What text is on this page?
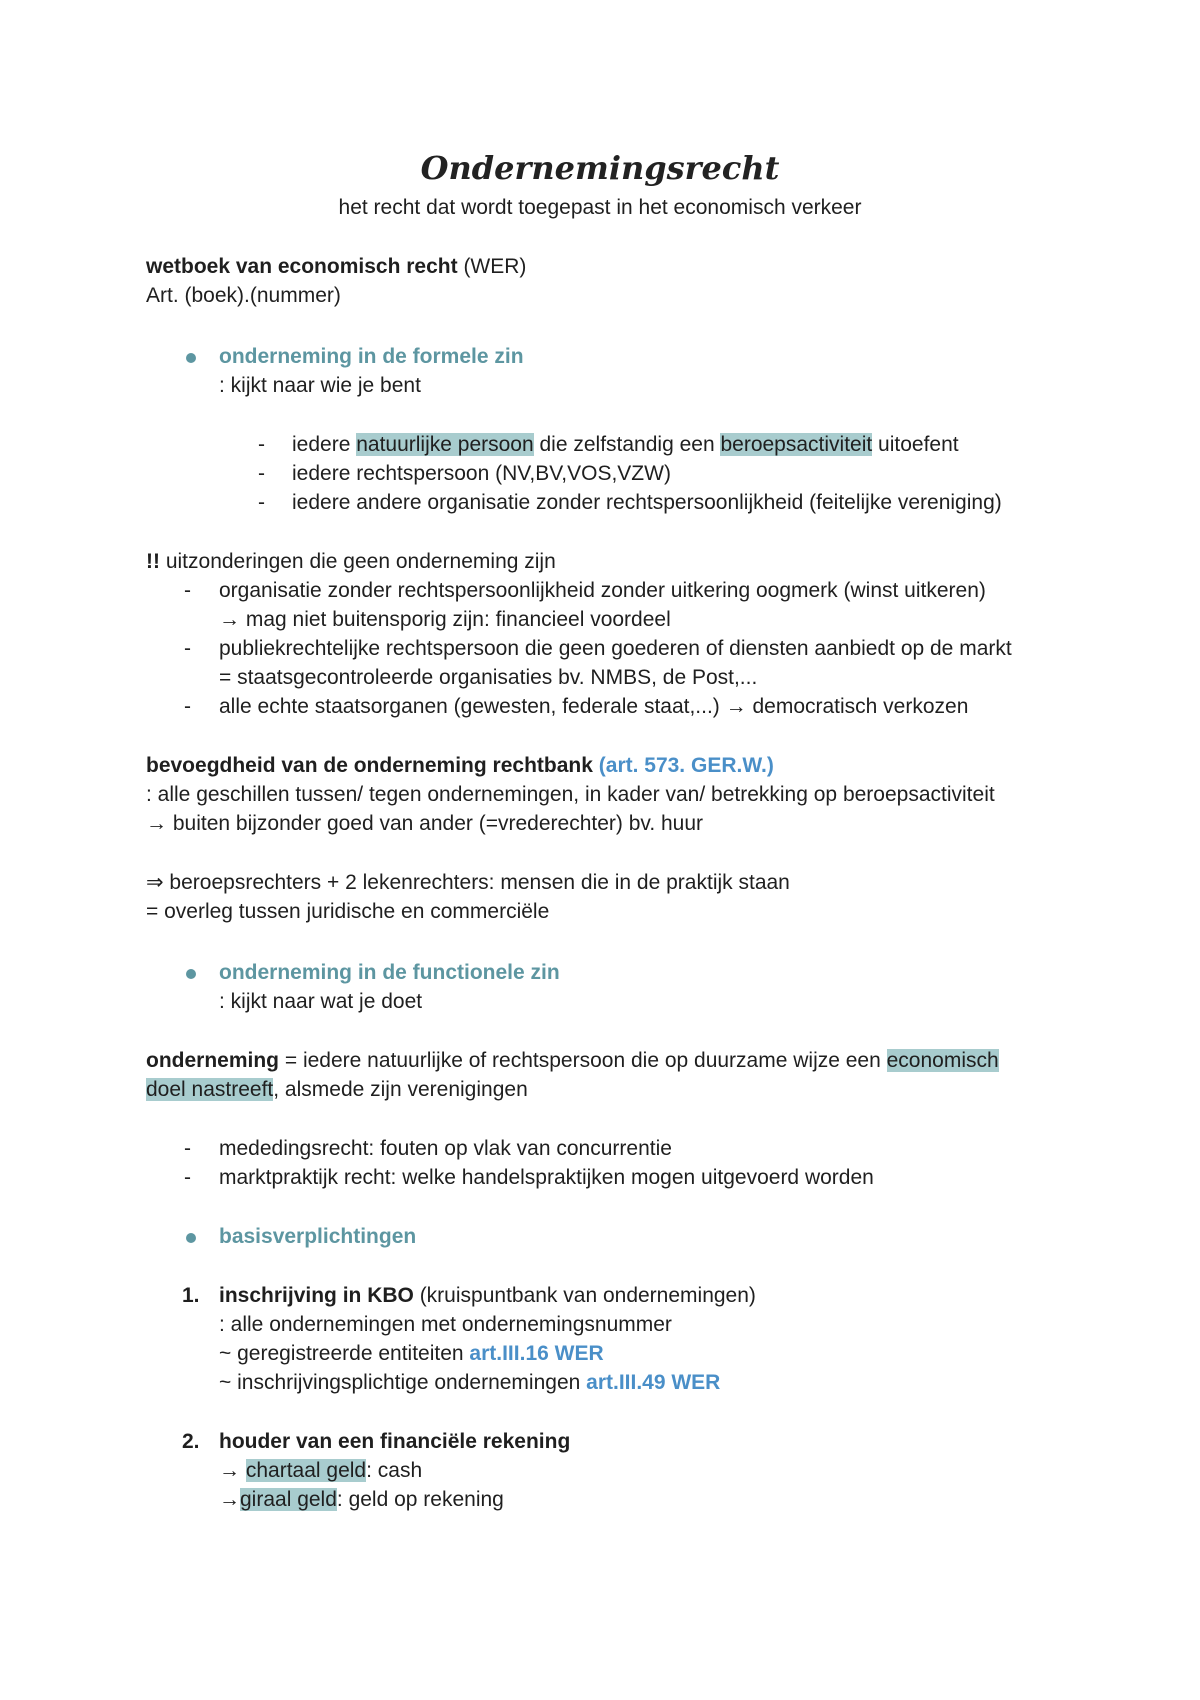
Ondernemingsrecht
het recht dat wordt toegepast in het economisch verkeer
wetboek van economisch recht (WER)
Art. (boek).(nummer)
onderneming in de formele zin
: kijkt naar wie je bent
- iedere natuurlijke persoon die zelfstandig een beroepsactiviteit uitoefent
- iedere rechtspersoon (NV,BV,VOS,VZW)
- iedere andere organisatie zonder rechtspersoonlijkheid (feitelijke vereniging)
!! uitzonderingen die geen onderneming zijn
- organisatie zonder rechtspersoonlijkheid zonder uitkering oogmerk (winst uitkeren)
→ mag niet buitensporig zijn: financieel voordeel
- publiekrechtelijke rechtspersoon die geen goederen of diensten aanbiedt op de markt
= staatsgecontroleerde organisaties bv. NMBS, de Post,...
- alle echte staatsorganen (gewesten, federale staat,...) → democratisch verkozen
bevoegdheid van de onderneming rechtbank (art. 573. GER.W.)
: alle geschillen tussen/ tegen ondernemingen, in kader van/ betrekking op beroepsactiviteit
→ buiten bijzonder goed van ander (=vrederechter) bv. huur
⇒ beroepsrechters + 2 lekenrechters: mensen die in de praktijk staan
= overleg tussen juridische en commerciële
onderneming in de functionele zin
: kijkt naar wat je doet
onderneming = iedere natuurlijke of rechtspersoon die op duurzame wijze een economisch
doel nastreeft, alsmede zijn verenigingen
- mededingsrecht: fouten op vlak van concurrentie
- marktpraktijk recht: welke handelspraktijken mogen uitgevoerd worden
basisverplichtingen
1. inschrijving in KBO (kruispuntbank van ondernemingen)
: alle ondernemingen met ondernemingsnummer
~ geregistreerde entiteiten art.III.16 WER
~ inschrijvingsplichtige ondernemingen art.III.49 WER
2. houder van een financiële rekening
→ chartaal geld: cash
→giraal geld: geld op rekening
